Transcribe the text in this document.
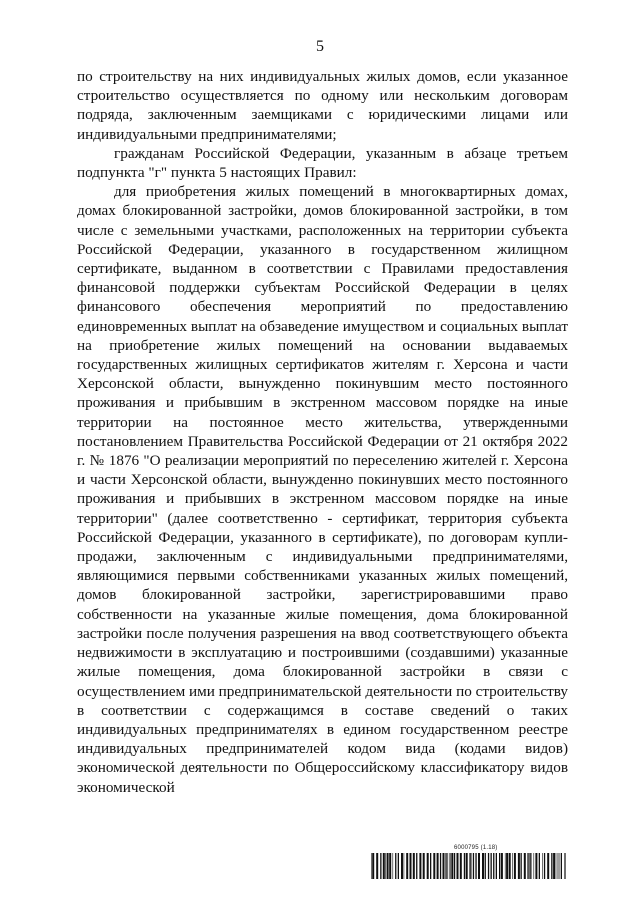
5

по строительству на них индивидуальных жилых домов, если указанное строительство осуществляется по одному или нескольким договорам подряда, заключенным заемщиками с юридическими лицами или индивидуальными предпринимателями;

гражданам Российской Федерации, указанным в абзаце третьем подпункта "г" пункта 5 настоящих Правил:

для приобретения жилых помещений в многоквартирных домах, домах блокированной застройки, домов блокированной застройки, в том числе с земельными участками, расположенных на территории субъекта Российской Федерации, указанного в государственном жилищном сертификате, выданном в соответствии с Правилами предоставления финансовой поддержки субъектам Российской Федерации в целях финансового обеспечения мероприятий по предоставлению единовременных выплат на обзаведение имуществом и социальных выплат на приобретение жилых помещений на основании выдаваемых государственных жилищных сертификатов жителям г. Херсона и части Херсонской области, вынужденно покинувшим место постоянного проживания и прибывшим в экстренном массовом порядке на иные территории на постоянное место жительства, утвержденными постановлением Правительства Российской Федерации от 21 октября 2022 г. № 1876 "О реализации мероприятий по переселению жителей г. Херсона и части Херсонской области, вынужденно покинувших место постоянного проживания и прибывших в экстренном массовом порядке на иные территории" (далее соответственно - сертификат, территория субъекта Российской Федерации, указанного в сертификате), по договорам купли-продажи, заключенным с индивидуальными предпринимателями, являющимися первыми собственниками указанных жилых помещений, домов блокированной застройки, зарегистрировавшими право собственности на указанные жилые помещения, дома блокированной застройки после получения разрешения на ввод соответствующего объекта недвижимости в эксплуатацию и построившими (создавшими) указанные жилые помещения, дома блокированной застройки в связи с осуществлением ими предпринимательской деятельности по строительству в соответствии с содержащимся в составе сведений о таких индивидуальных предпринимателях в едином государственном реестре индивидуальных предпринимателей кодом вида (кодами видов) экономической деятельности по Общероссийскому классификатору видов экономической

6000795 (1.18)
